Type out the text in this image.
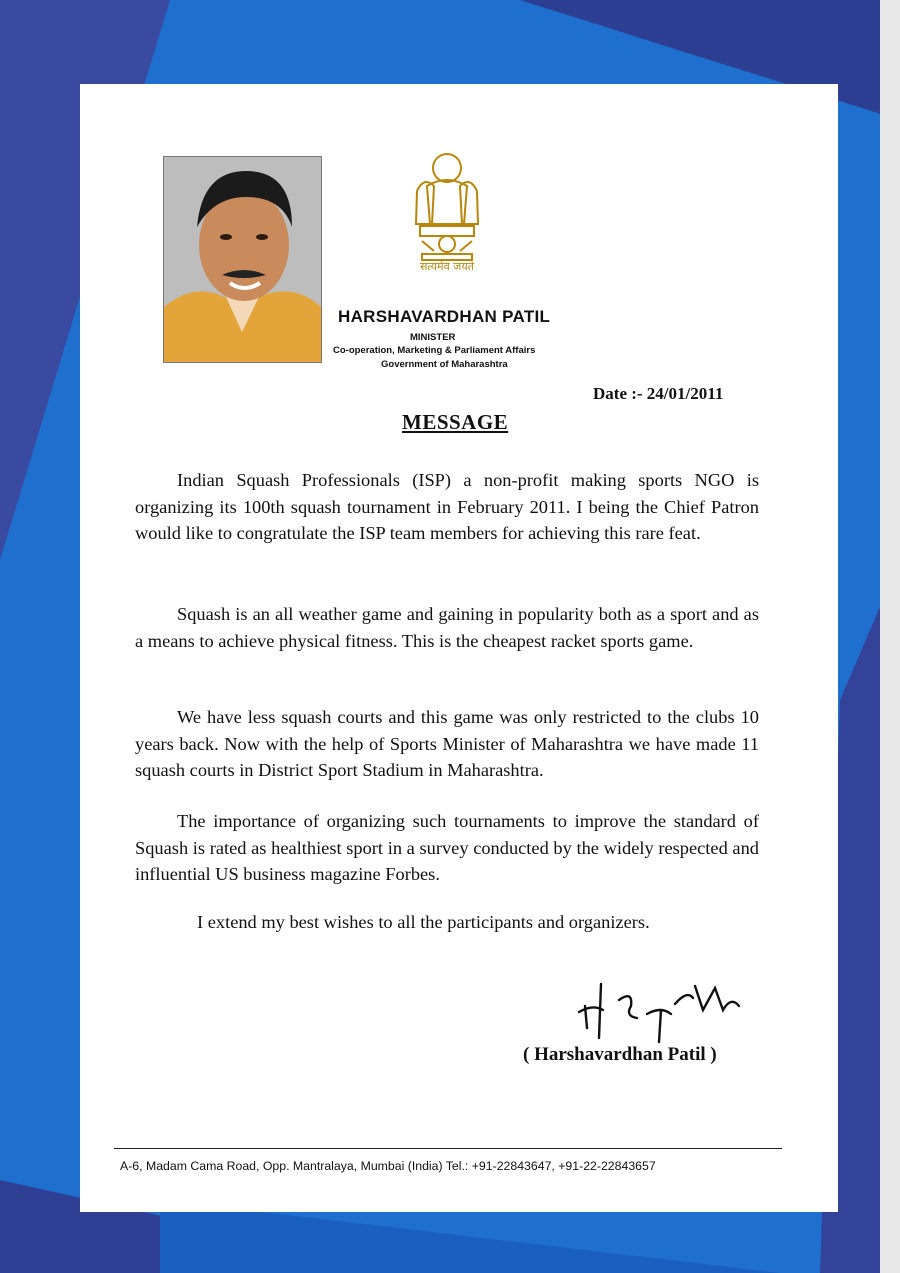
सत्यमेव जयते
HARSHAVARDHAN PATIL
MINISTER
Co-operation, Marketing & Parliament Affairs
Government of Maharashtra
Date :- 24/01/2011
MESSAGE

Indian Squash Professionals (ISP) a non-profit making sports NGO is organizing its 100th squash tournament in February 2011. I being the Chief Patron would like to congratulate the ISP team members for achieving this rare feat.

Squash is an all weather game and gaining in popularity both as a sport and as a means to achieve physical fitness. This is the cheapest racket sports game.

We have less squash courts and this game was only restricted to the clubs 10 years back. Now with the help of Sports Minister of Maharashtra we have made 11 squash courts in District Sport Stadium in Maharashtra.

The importance of organizing such tournaments to improve the standard of Squash is rated as healthiest sport in a survey conducted by the widely respected and influential US business magazine Forbes.

I extend my best wishes to all the participants and organizers.

( Harshavardhan Patil )
A-6, Madam Cama Road, Opp. Mantralaya, Mumbai (India) Tel.: +91-22843647, +91-22-22843657
